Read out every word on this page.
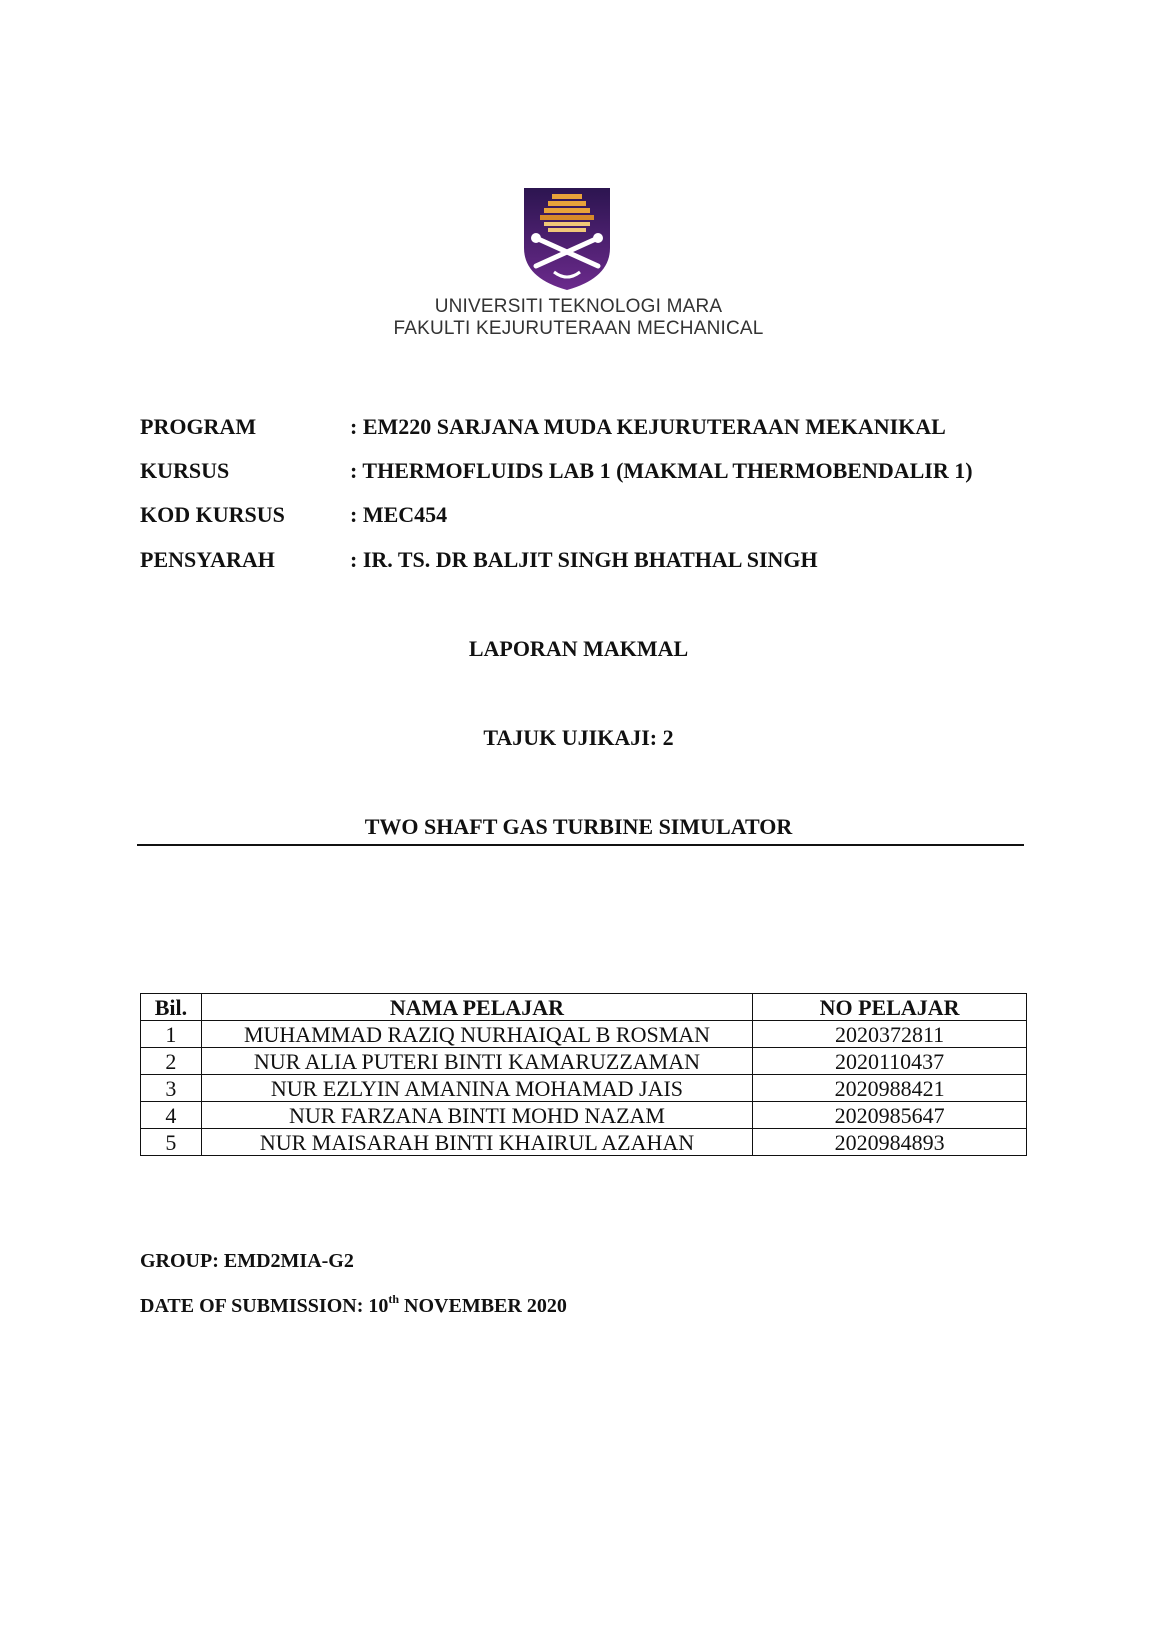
UNIVERSITI TEKNOLOGI MARA
FAKULTI KEJURUTERAAN MECHANICAL
PROGRAM	: EM220 SARJANA MUDA KEJURUTERAAN MEKANIKAL
KURSUS	: THERMOFLUIDS LAB 1 (MAKMAL THERMOBENDALIR 1)
KOD KURSUS	: MEC454
PENSYARAH	: IR. TS. DR BALJIT SINGH BHATHAL SINGH
LAPORAN MAKMAL
TAJUK UJIKAJI: 2
TWO SHAFT GAS TURBINE SIMULATOR
Bil.	NAMA PELAJAR	NO PELAJAR
1	MUHAMMAD RAZIQ NURHAIQAL B ROSMAN	2020372811
2	NUR ALIA PUTERI BINTI KAMARUZZAMAN	2020110437
3	NUR EZLYIN AMANINA MOHAMAD JAIS	2020988421
4	NUR FARZANA BINTI MOHD NAZAM	2020985647
5	NUR MAISARAH BINTI KHAIRUL AZAHAN	2020984893
GROUP: EMD2MIA-G2
DATE OF SUBMISSION: 10th NOVEMBER 2020
